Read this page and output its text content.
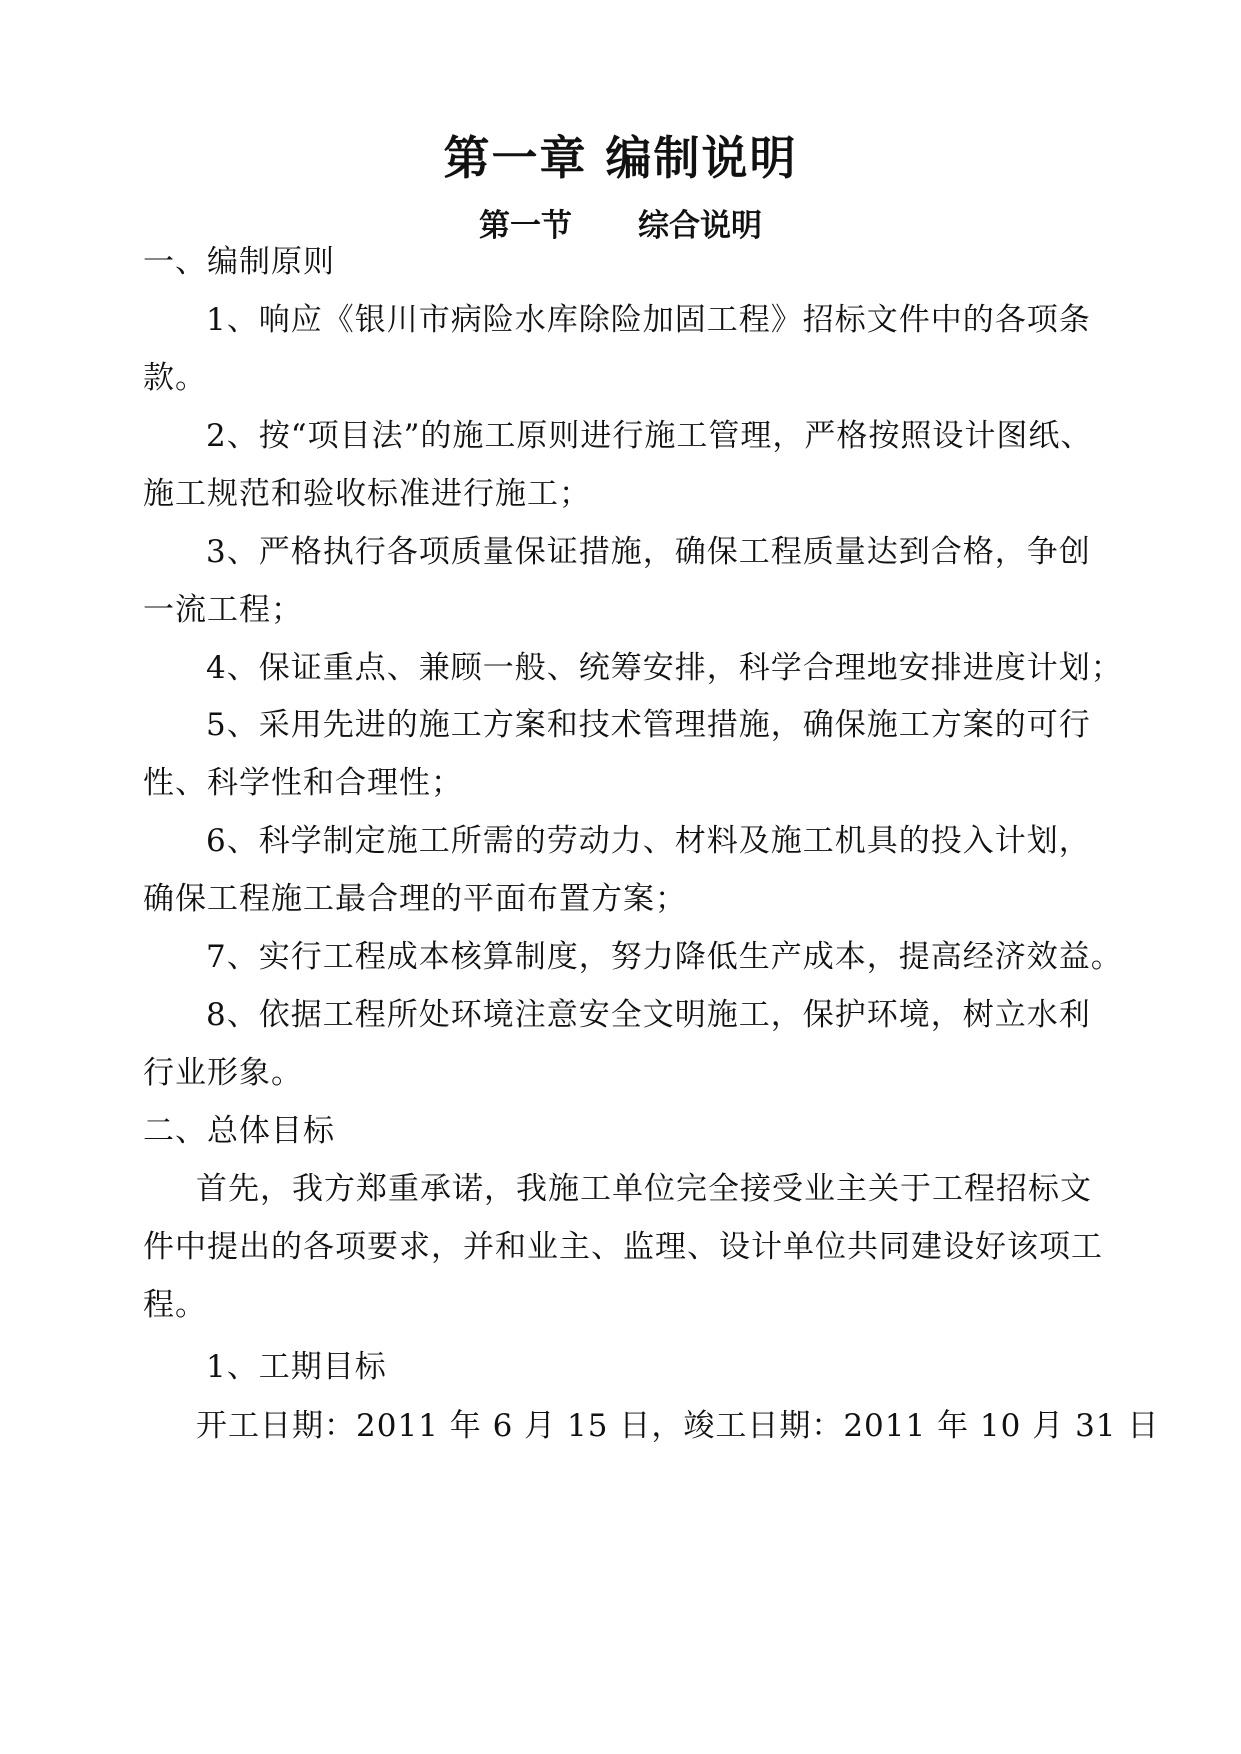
第一章 编制说明
第一节 综合说明
一、编制原则
1、响应《银川市病险水库除险加固工程》招标文件中的各项条
款。
2、按“项目法”的施工原则进行施工管理，严格按照设计图纸、
施工规范和验收标准进行施工；
3、严格执行各项质量保证措施，确保工程质量达到合格，争创
一流工程；
4、保证重点、兼顾一般、统筹安排，科学合理地安排进度计划；
5、采用先进的施工方案和技术管理措施，确保施工方案的可行
性、科学性和合理性；
6、科学制定施工所需的劳动力、材料及施工机具的投入计划，
确保工程施工最合理的平面布置方案；
7、实行工程成本核算制度，努力降低生产成本，提高经济效益。
8、依据工程所处环境注意安全文明施工，保护环境，树立水利
行业形象。
二、总体目标
首先，我方郑重承诺，我施工单位完全接受业主关于工程招标文
件中提出的各项要求，并和业主、监理、设计单位共同建设好该项工
程。
1、工期目标
开工日期：2011 年 6 月 15 日，竣工日期：2011 年 10 月 31 日
